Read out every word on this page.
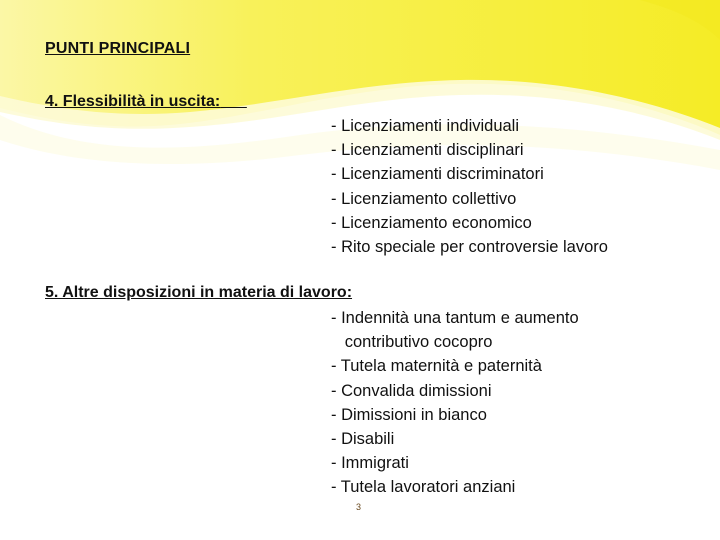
PUNTI PRINCIPALI
4. Flessibilità in uscita:
- Licenziamenti individuali
- Licenziamenti disciplinari
- Licenziamenti discriminatori
- Licenziamento collettivo
- Licenziamento economico
- Rito speciale per controversie lavoro
5. Altre disposizioni in materia di lavoro:
- Indennità una tantum e aumento
contributivo cocopro
- Tutela maternità e paternità
- Convalida dimissioni
- Dimissioni in bianco
- Disabili
- Immigrati
- Tutela lavoratori anziani
3
